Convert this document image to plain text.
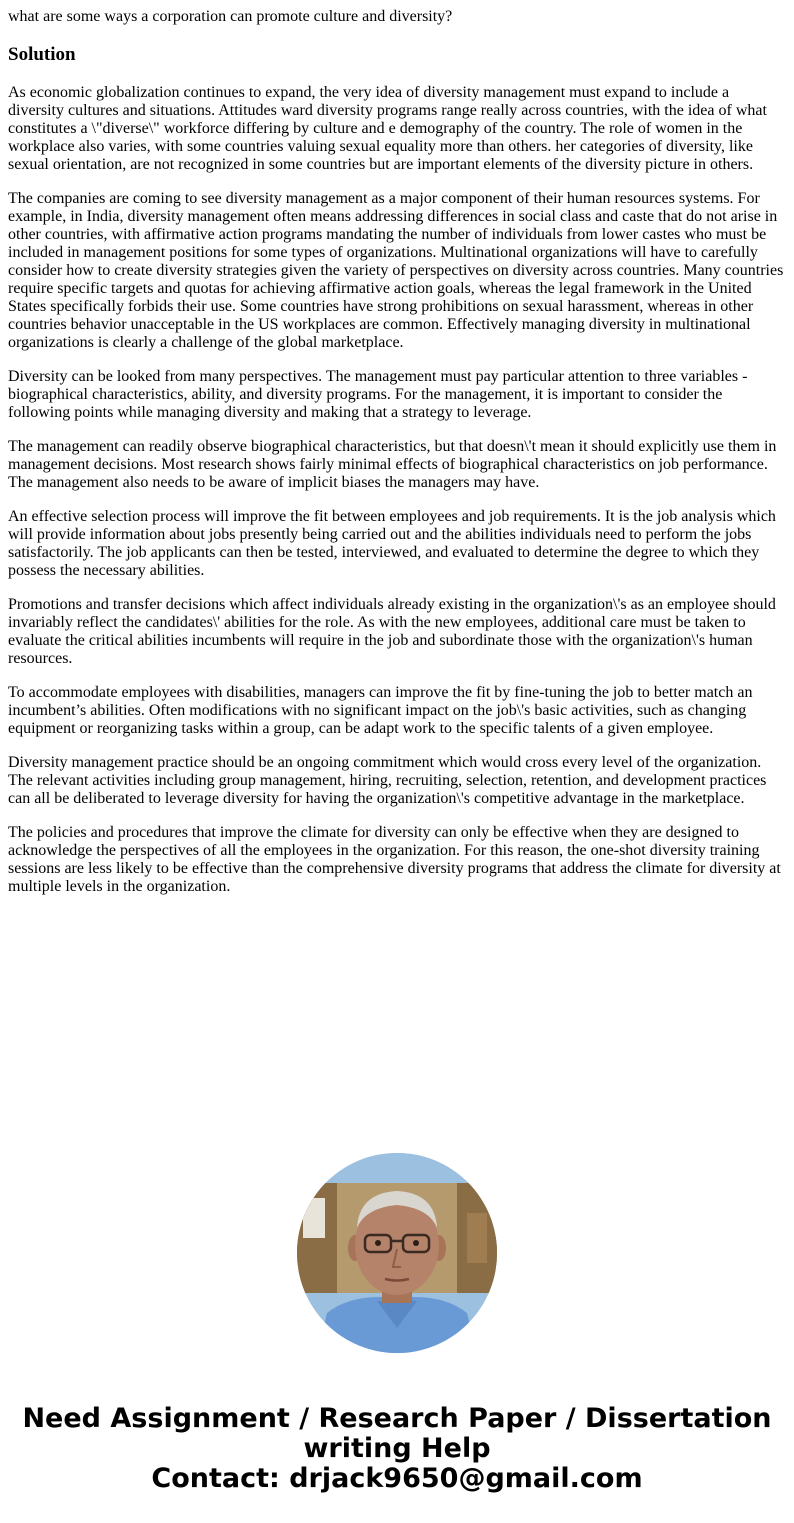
what are some ways a corporation can promote culture and diversity?

Solution

As economic globalization continues to expand, the very idea of diversity management must expand to include a diversity cultures and situations. Attitudes ward diversity programs range really across countries, with the idea of what constitutes a \"diverse\" workforce differing by culture and e demography of the country. The role of women in the workplace also varies, with some countries valuing sexual equality more than others. her categories of diversity, like sexual orientation, are not recognized in some countries but are important elements of the diversity picture in others.

The companies are coming to see diversity management as a major component of their human resources systems. For example, in India, diversity management often means addressing differences in social class and caste that do not arise in other countries, with affirmative action programs mandating the number of individuals from lower castes who must be included in management positions for some types of organizations. Multinational organizations will have to carefully consider how to create diversity strategies given the variety of perspectives on diversity across countries. Many countries require specific targets and quotas for achieving affirmative action goals, whereas the legal framework in the United States specifically forbids their use. Some countries have strong prohibitions on sexual harassment, whereas in other countries behavior unacceptable in the US workplaces are common. Effectively managing diversity in multinational organizations is clearly a challenge of the global marketplace.

Diversity can be looked from many perspectives. The management must pay particular attention to three variables - biographical characteristics, ability, and diversity programs. For the management, it is important to consider the following points while managing diversity and making that a strategy to leverage.

The management can readily observe biographical characteristics, but that doesn\'t mean it should explicitly use them in management decisions. Most research shows fairly minimal effects of biographical characteristics on job performance. The management also needs to be aware of implicit biases the managers may have.

An effective selection process will improve the fit between employees and job requirements. It is the job analysis which will provide information about jobs presently being carried out and the abilities individuals need to perform the jobs satisfactorily. The job applicants can then be tested, interviewed, and evaluated to determine the degree to which they possess the necessary abilities.

Promotions and transfer decisions which affect individuals already existing in the organization\'s as an employee should invariably reflect the candidates\' abilities for the role. As with the new employees, additional care must be taken to evaluate the critical abilities incumbents will require in the job and subordinate those with the organization\'s human resources.

To accommodate employees with disabilities, managers can improve the fit by fine-tuning the job to better match an incumbent’s abilities. Often modifications with no significant impact on the job\'s basic activities, such as changing equipment or reorganizing tasks within a group, can be adapt work to the specific talents of a given employee.

Diversity management practice should be an ongoing commitment which would cross every level of the organization. The relevant activities including group management, hiring, recruiting, selection, retention, and development practices can all be deliberated to leverage diversity for having the organization\'s competitive advantage in the marketplace.

The policies and procedures that improve the climate for diversity can only be effective when they are designed to acknowledge the perspectives of all the employees in the organization. For this reason, the one-shot diversity training sessions are less likely to be effective than the comprehensive diversity programs that address the climate for diversity at multiple levels in the organization.

Need Assignment / Research Paper / Dissertation
writing Help
Contact: drjack9650@gmail.com
